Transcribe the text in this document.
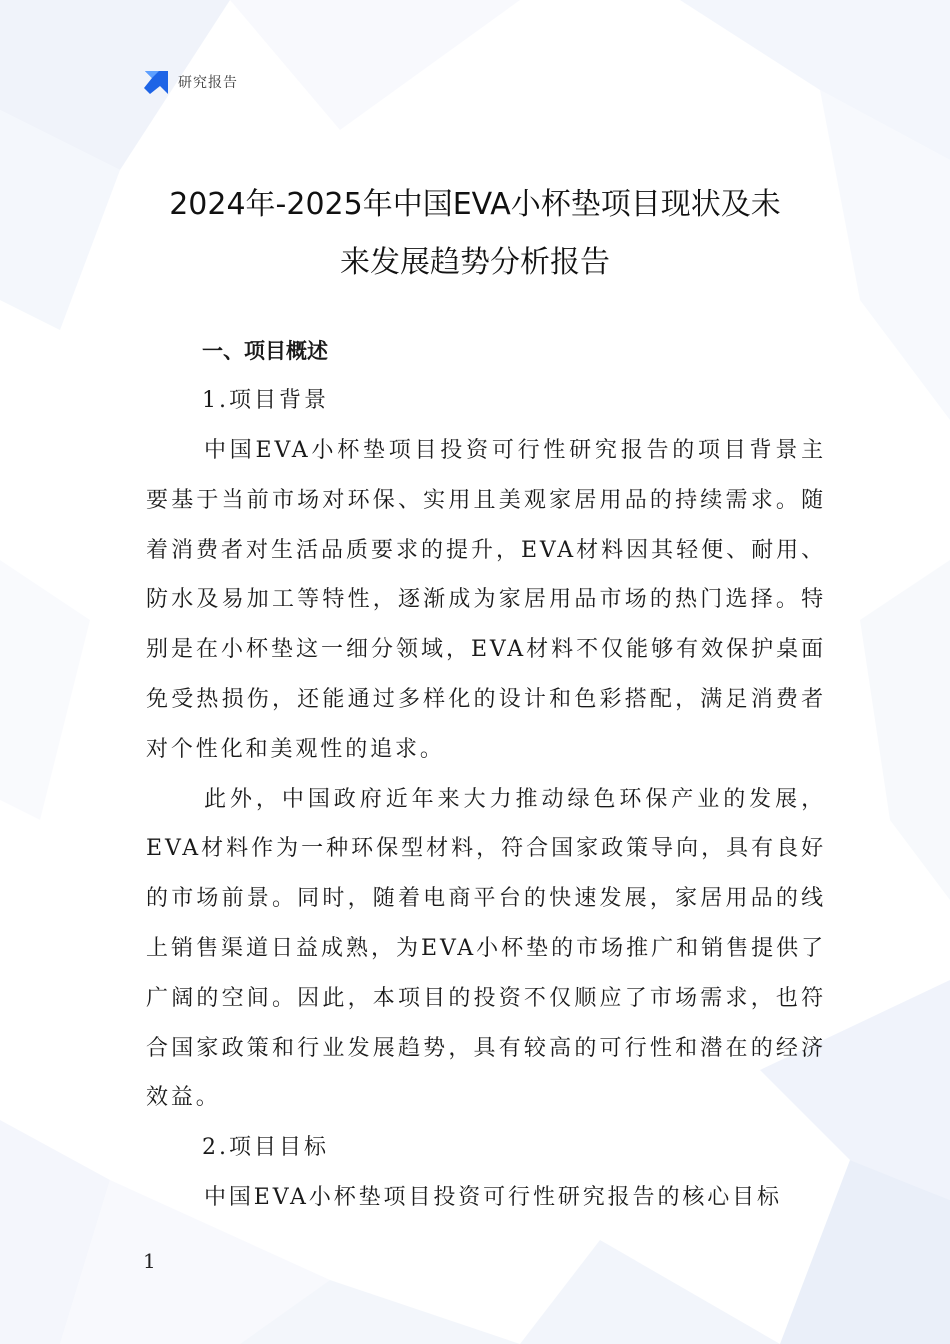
研究报告
2024年-2025年中国EVA小杯垫项目现状及未
来发展趋势分析报告

一、项目概述

1.项目背景

中国EVA小杯垫项目投资可行性研究报告的项目背景主要基于当前市场对环保、实用且美观家居用品的持续需求。随着消费者对生活品质要求的提升，EVA材料因其轻便、耐用、防水及易加工等特性，逐渐成为家居用品市场的热门选择。特别是在小杯垫这一细分领域，EVA材料不仅能够有效保护桌面免受热损伤，还能通过多样化的设计和色彩搭配，满足消费者对个性化和美观性的追求。

此外，中国政府近年来大力推动绿色环保产业的发展，EVA材料作为一种环保型材料，符合国家政策导向，具有良好的市场前景。同时，随着电商平台的快速发展，家居用品的线上销售渠道日益成熟，为EVA小杯垫的市场推广和销售提供了广阔的空间。因此，本项目的投资不仅顺应了市场需求，也符合国家政策和行业发展趋势，具有较高的可行性和潜在的经济效益。

2.项目目标

中国EVA小杯垫项目投资可行性研究报告的核心目标

1
